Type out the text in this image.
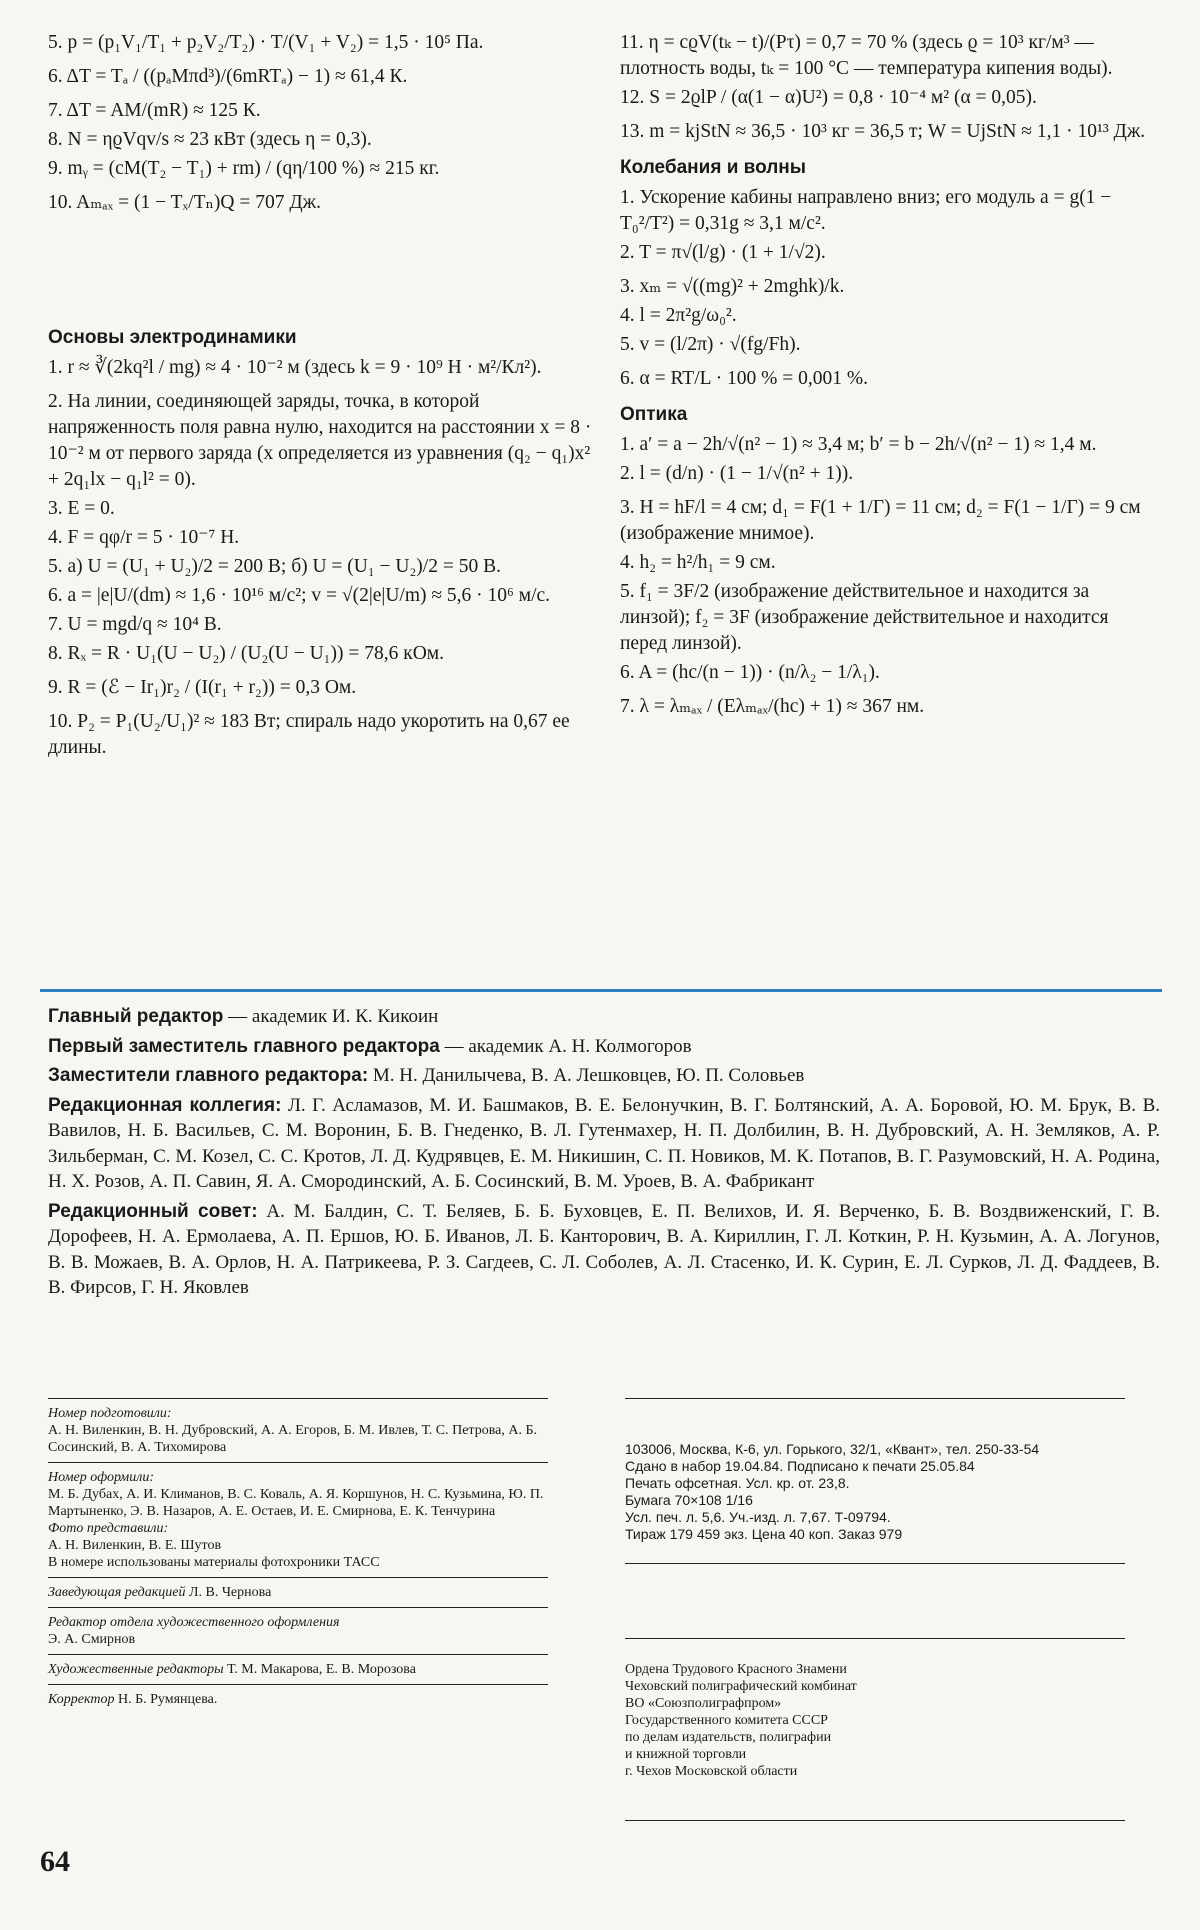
5. p = (p₁V₁/T₁ + p₂V₂/T₂) · T/(V₁ + V₂) = 1,5 · 10⁵ Па.

6. ΔT = Tₐ / ((pₐMπd³)/(6mRTₐ) − 1) ≈ 61,4 К.

7. ΔT = AM/(mR) ≈ 125 К.

8. N = ηϱVqv/s ≈ 23 кВт (здесь η = 0,3).

9. mᵧ = (cM(T₂ − T₁) + rm) / (qη/100 %) ≈ 215 кг.

10. Aₘₐₓ = (1 − Tₓ/Tₙ)Q = 707 Дж.

Основы электродинамики

1. r ≈ ∛(2kq²l / mg) ≈ 4 · 10⁻² м (здесь k = 9 · 10⁹ Н · м²/Кл²).

2. На линии, соединяющей заряды, точка, в которой напряженность поля равна нулю, находится на расстоянии x = 8 · 10⁻² м от первого заряда (x определяется из уравнения (q₂ − q₁)x² + 2q₁lx − q₁l² = 0).

3. E = 0.

4. F = qφ/r = 5 · 10⁻⁷ Н.

5. а) U = (U₁ + U₂)/2 = 200 В; б) U = (U₁ − U₂)/2 = 50 В.

6. a = |e|U/(dm) ≈ 1,6 · 10¹⁶ м/с²; v = √(2|e|U/m) ≈ 5,6 · 10⁶ м/с.

7. U = mgd/q ≈ 10⁴ В.

8. Rₓ = R · U₁(U − U₂) / (U₂(U − U₁)) = 78,6 кОм.

9. R = (ℰ − Ir₁)r₂ / (I(r₁ + r₂)) = 0,3 Ом.

10. P₂ = P₁(U₂/U₁)² ≈ 183 Вт; спираль надо укоротить на 0,67 ее длины.

11. η = cϱV(tₖ − t)/(Pτ) = 0,7 = 70 % (здесь ϱ = 10³ кг/м³ — плотность воды, tₖ = 100 °C — температура кипения воды).

12. S = 2ϱlP / (α(1 − α)U²) = 0,8 · 10⁻⁴ м² (α = 0,05).

13. m = kjStN ≈ 36,5 · 10³ кг = 36,5 т; W = UjStN ≈ 1,1 · 10¹³ Дж.

Колебания и волны

1. Ускорение кабины направлено вниз; его модуль a = g(1 − T₀²/T²) = 0,31g ≈ 3,1 м/с².

2. T = π√(l/g) · (1 + 1/√2).

3. xₘ = √((mg)² + 2mghk)/k.

4. l = 2π²g/ω₀².

5. v = (l/2π) · √(fg/Fh).

6. α = RT/L · 100 % = 0,001 %.

Оптика

1. a′ = a − 2h/√(n² − 1) ≈ 3,4 м; b′ = b − 2h/√(n² − 1) ≈ 1,4 м.

2. l = (d/n) · (1 − 1/√(n² + 1)).

3. H = hF/l = 4 см; d₁ = F(1 + 1/Γ) = 11 см; d₂ = F(1 − 1/Γ) = 9 см (изображение мнимое).

4. h₂ = h²/h₁ = 9 см.

5. f₁ = 3F/2 (изображение действительное и находится за линзой); f₂ = 3F (изображение действительное и находится перед линзой).

6. A = (hc/(n − 1)) · (n/λ₂ − 1/λ₁).

7. λ = λₘₐₓ / (Eλₘₐₓ/(hc) + 1) ≈ 367 нм.

Главный редактор — академик И. К. Кикоин

Первый заместитель главного редактора — академик А. Н. Колмогоров

Заместители главного редактора: М. Н. Данилычева, В. А. Лешковцев, Ю. П. Соловьев

Редакционная коллегия: Л. Г. Асламазов, М. И. Башмаков, В. Е. Белонучкин, В. Г. Болтянский, А. А. Боровой, Ю. М. Брук, В. В. Вавилов, Н. Б. Васильев, С. М. Воронин, Б. В. Гнеденко, В. Л. Гутенмахер, Н. П. Долбилин, В. Н. Дубровский, А. Н. Земляков, А. Р. Зильберман, С. М. Козел, С. С. Кротов, Л. Д. Кудрявцев, Е. М. Никишин, С. П. Новиков, М. К. Потапов, В. Г. Разумовский, Н. А. Родина, Н. Х. Розов, А. П. Савин, Я. А. Смородинский, А. Б. Сосинский, В. М. Уроев, В. А. Фабрикант

Редакционный совет: А. М. Балдин, С. Т. Беляев, Б. Б. Буховцев, Е. П. Велихов, И. Я. Верченко, Б. В. Воздвиженский, Г. В. Дорофеев, Н. А. Ермолаева, А. П. Ершов, Ю. Б. Иванов, Л. Б. Канторович, В. А. Кириллин, Г. Л. Коткин, Р. Н. Кузьмин, А. А. Логунов, В. В. Можаев, В. А. Орлов, Н. А. Патрикеева, Р. З. Сагдеев, С. Л. Соболев, А. Л. Стасенко, И. К. Сурин, Е. Л. Сурков, Л. Д. Фаддеев, В. В. Фирсов, Г. Н. Яковлев

Номер подготовили:
А. Н. Виленкин, В. Н. Дубровский, А. А. Егоров, Б. М. Ивлев, Т. С. Петрова, А. Б. Сосинский, В. А. Тихомирова
Номер оформили:
М. Б. Дубах, А. И. Климанов, В. С. Коваль, А. Я. Коршунов, Н. С. Кузьмина, Ю. П. Мартыненко, Э. В. Назаров, А. Е. Остаев, И. Е. Смирнова, Е. К. Тенчурина
Фото представили:
А. Н. Виленкин, В. Е. Шутов
В номере использованы материалы фотохроники ТАСС
Заведующая редакцией Л. В. Чернова
Редактор отдела художественного оформления
Э. А. Смирнов
Художественные редакторы Т. М. Макарова, Е. В. Морозова
Корректор Н. Б. Румянцева.
103006, Москва, К-6, ул. Горького, 32/1, «Квант», тел. 250-33-54
Сдано в набор 19.04.84. Подписано к печати 25.05.84
Печать офсетная. Усл. кр. от. 23,8.
Бумага 70×108 1/16
Усл. печ. л. 5,6. Уч.-изд. л. 7,67. Т-09794.
Тираж 179 459 экз. Цена 40 коп. Заказ 979
Ордена Трудового Красного Знамени
Чеховский полиграфический комбинат
ВО «Союзполиграфпром»
Государственного комитета СССР
по делам издательств, полиграфии
и книжной торговли
г. Чехов Московской области
64
